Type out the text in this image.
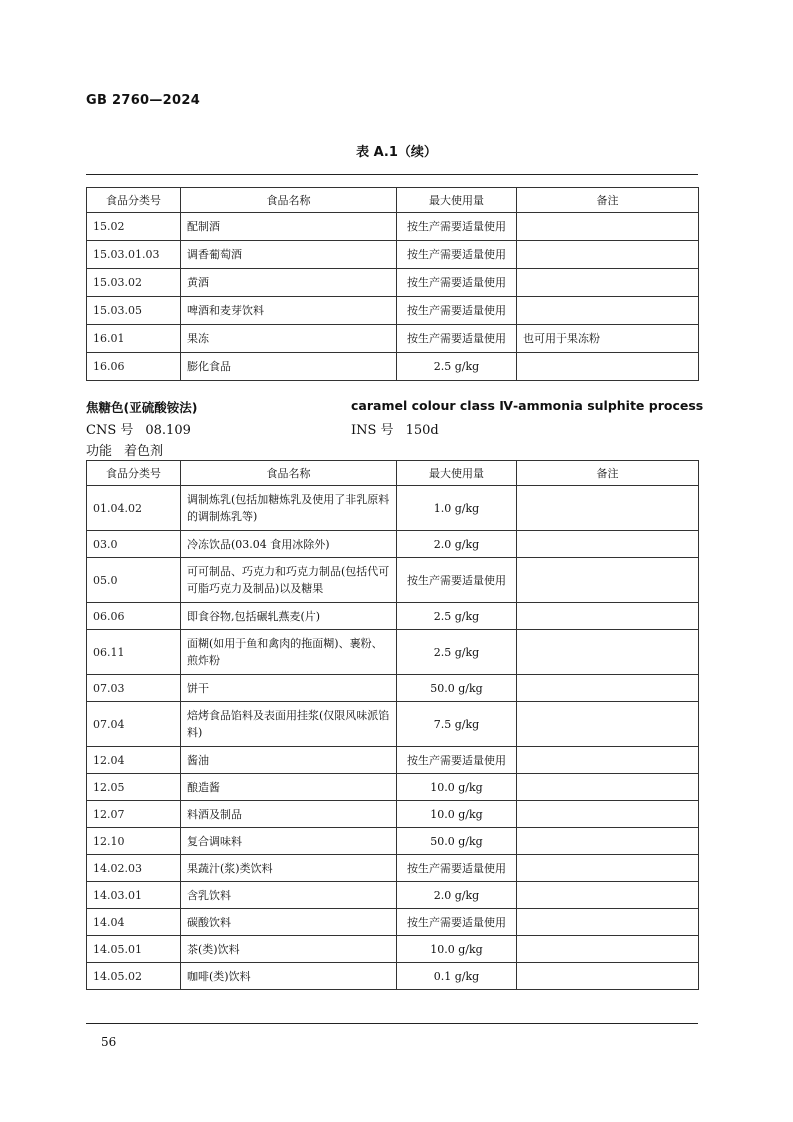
GB 2760—2024
表 A.1（续）
食品分类号	食品名称	最大使用量	备注
15.02	配制酒	按生产需要适量使用	
15.03.01.03	调香葡萄酒	按生产需要适量使用	
15.03.02	黄酒	按生产需要适量使用	
15.03.05	啤酒和麦芽饮料	按生产需要适量使用	
16.01	果冻	按生产需要适量使用	也可用于果冻粉
16.06	膨化食品	2.5 g/kg	
焦糖色(亚硫酸铵法)	caramel colour class Ⅳ-ammonia sulphite process
CNS 号 08.109	INS 号 150d
功能 着色剂
食品分类号	食品名称	最大使用量	备注
01.04.02	调制炼乳(包括加糖炼乳及使用了非乳原料的调制炼乳等)	1.0 g/kg	
03.0	冷冻饮品(03.04 食用冰除外)	2.0 g/kg	
05.0	可可制品、巧克力和巧克力制品(包括代可可脂巧克力及制品)以及糖果	按生产需要适量使用	
06.06	即食谷物,包括碾轧燕麦(片)	2.5 g/kg	
06.11	面糊(如用于鱼和禽肉的拖面糊)、裹粉、煎炸粉	2.5 g/kg	
07.03	饼干	50.0 g/kg	
07.04	焙烤食品馅料及表面用挂浆(仅限风味派馅料)	7.5 g/kg	
12.04	酱油	按生产需要适量使用	
12.05	酿造酱	10.0 g/kg	
12.07	料酒及制品	10.0 g/kg	
12.10	复合调味料	50.0 g/kg	
14.02.03	果蔬汁(浆)类饮料	按生产需要适量使用	
14.03.01	含乳饮料	2.0 g/kg	
14.04	碳酸饮料	按生产需要适量使用	
14.05.01	茶(类)饮料	10.0 g/kg	
14.05.02	咖啡(类)饮料	0.1 g/kg	
56
